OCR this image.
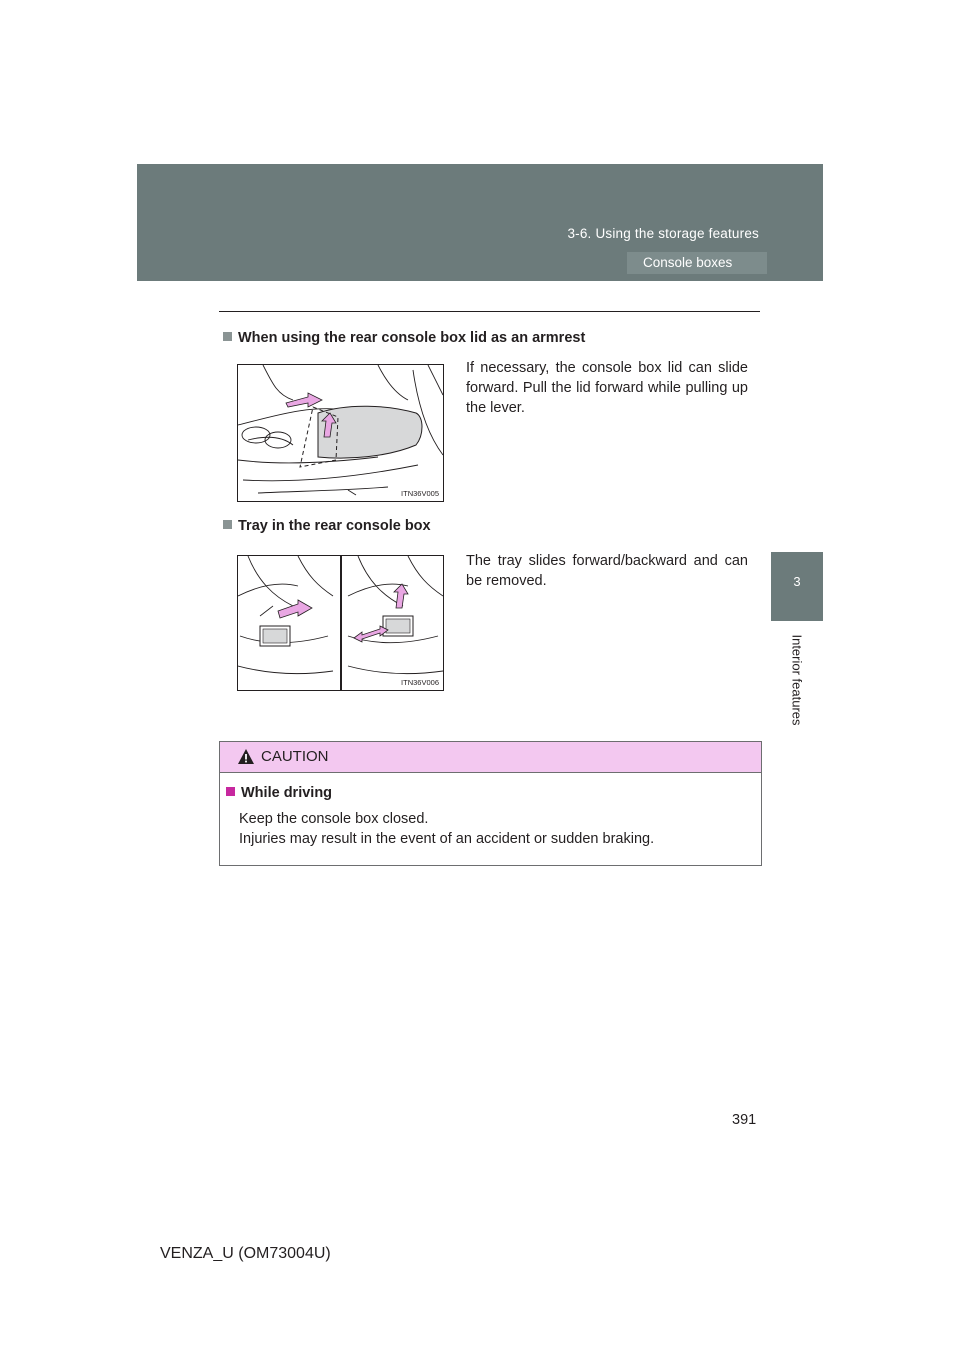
3-6. Using the storage features
Console boxes
3
Interior features
When using the rear console box lid as an armrest
If necessary, the console box lid can slide forward. Pull the lid forward while pulling up the lever.
ITN36V005
Tray in the rear console box
The tray slides forward/backward and can be removed.
ITN36V006
CAUTION
While driving
Keep the console box closed.
Injuries may result in the event of an accident or sudden braking.
391
VENZA_U (OM73004U)
